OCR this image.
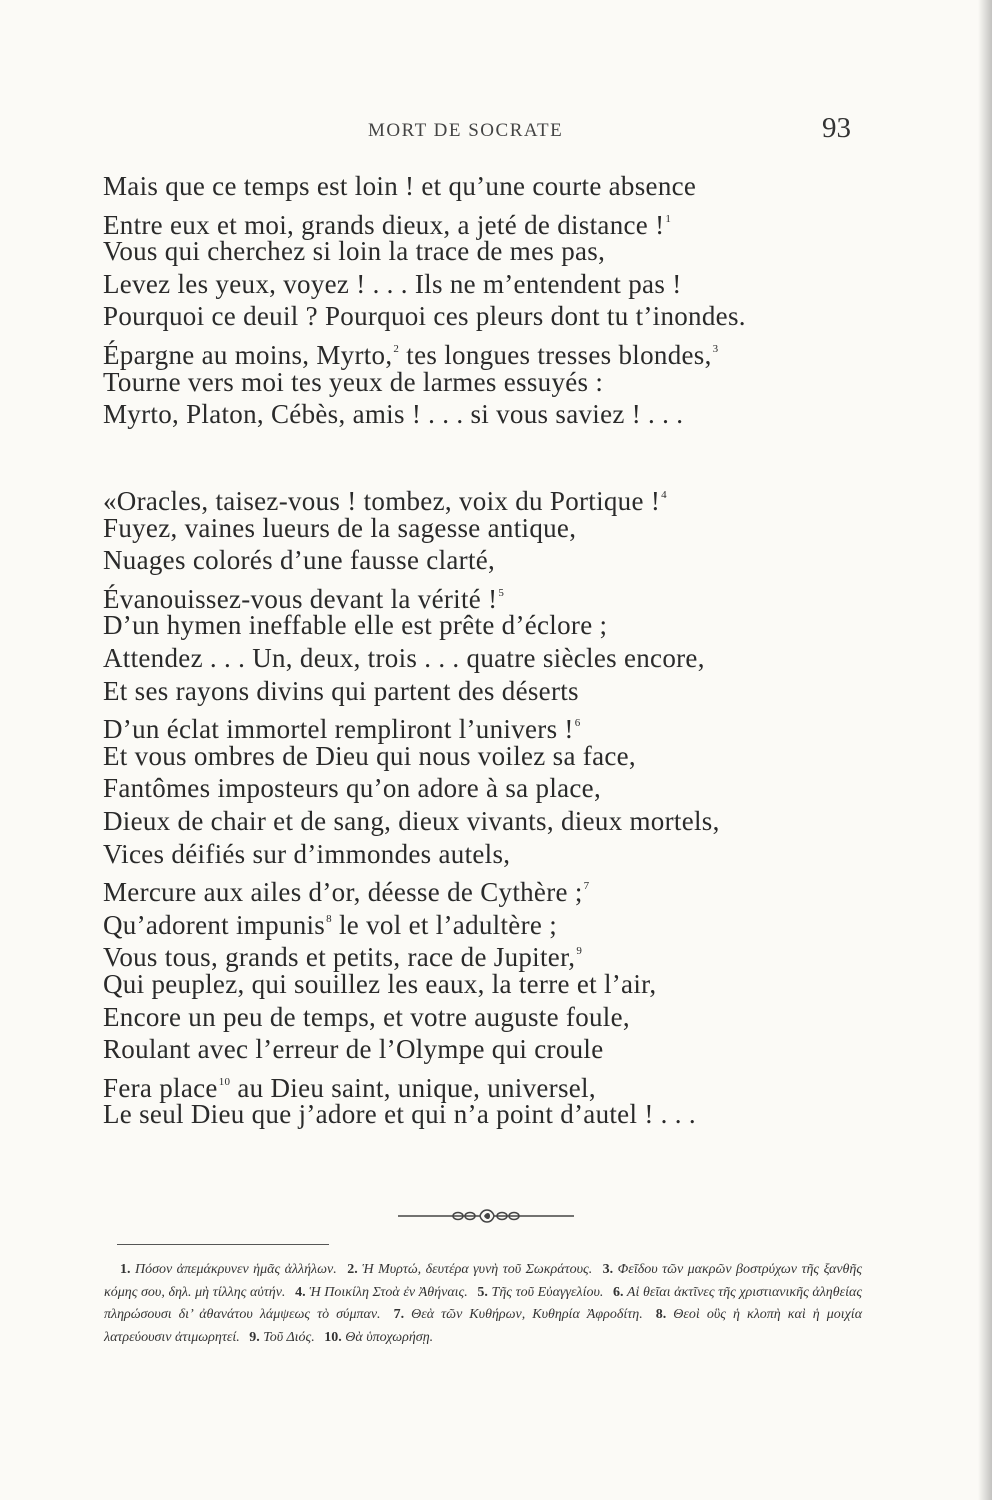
MORT DE SOCRATE	93
Mais que ce temps est loin ! et qu’une courte absence
Entre eux et moi, grands dieux, a jeté de distance !$^1$
Vous qui cherchez si loin la trace de mes pas,
Levez les yeux, voyez ! . . . Ils ne m’entendent pas !
Pourquoi ce deuil ? Pourquoi ces pleurs dont tu t’inondes.
Épargne au moins, Myrto,$^2$ tes longues tresses blondes,$^3$
Tourne vers moi tes yeux de larmes essuyés :
Myrto, Platon, Cébès, amis ! . . . si vous saviez ! . . .
«Oracles, taisez-vous ! tombez, voix du Portique !$^4$
Fuyez, vaines lueurs de la sagesse antique,
Nuages colorés d’une fausse clarté,
Évanouissez-vous devant la vérité !$^5$
D’un hymen ineffable elle est prête d’éclore ;
Attendez . . . Un, deux, trois . . . quatre siècles encore,
Et ses rayons divins qui partent des déserts
D’un éclat immortel rempliront l’univers !$^6$
Et vous ombres de Dieu qui nous voilez sa face,
Fantômes imposteurs qu’on adore à sa place,
Dieux de chair et de sang, dieux vivants, dieux mortels,
Vices déifiés sur d’immondes autels,
Mercure aux ailes d’or, déesse de Cythère ;$^7$
Qu’adorent impunis$^8$ le vol et l’adultère ;
Vous tous, grands et petits, race de Jupiter,$^9$
Qui peuplez, qui souillez les eaux, la terre et l’air,
Encore un peu de temps, et votre auguste foule,
Roulant avec l’erreur de l’Olympe qui croule
Fera place$^{10}$ au Dieu saint, unique, universel,
Le seul Dieu que j’adore et qui n’a point d’autel ! . . .
1. Πόσον ἀπεμάκρυνεν ἡμᾶς ἀλλήλων. 2. Ἡ Μυρτώ, δευτέρα γυνὴ τοῦ Σωκράτους. 3. Φεῖδου τῶν μακρῶν βοστρύχων τῆς ξανθῆς κόμης σου, δηλ. μὴ τίλλης αὐτήν. 4. Ἡ Ποικίλη Στοὰ ἐν Ἀθήναις. 5. Τῆς τοῦ Εὐαγγελίου. 6. Αἱ θεῖαι ἀκτῖνες τῆς χριστιανικῆς ἀληθείας πληρώσουσι δι’ ἀθανάτου λάμψεως τὸ σύμπαν. 7. Θεὰ τῶν Κυθήρων, Κυθηρία Ἀφροδίτη. 8. Θεοὶ οὓς ἡ κλοπὴ καὶ ἡ μοιχία λατρεύουσιν ἀτιμωρητεί. 9. Τοῦ Διός. 10. Θὰ ὑποχωρήσῃ.
